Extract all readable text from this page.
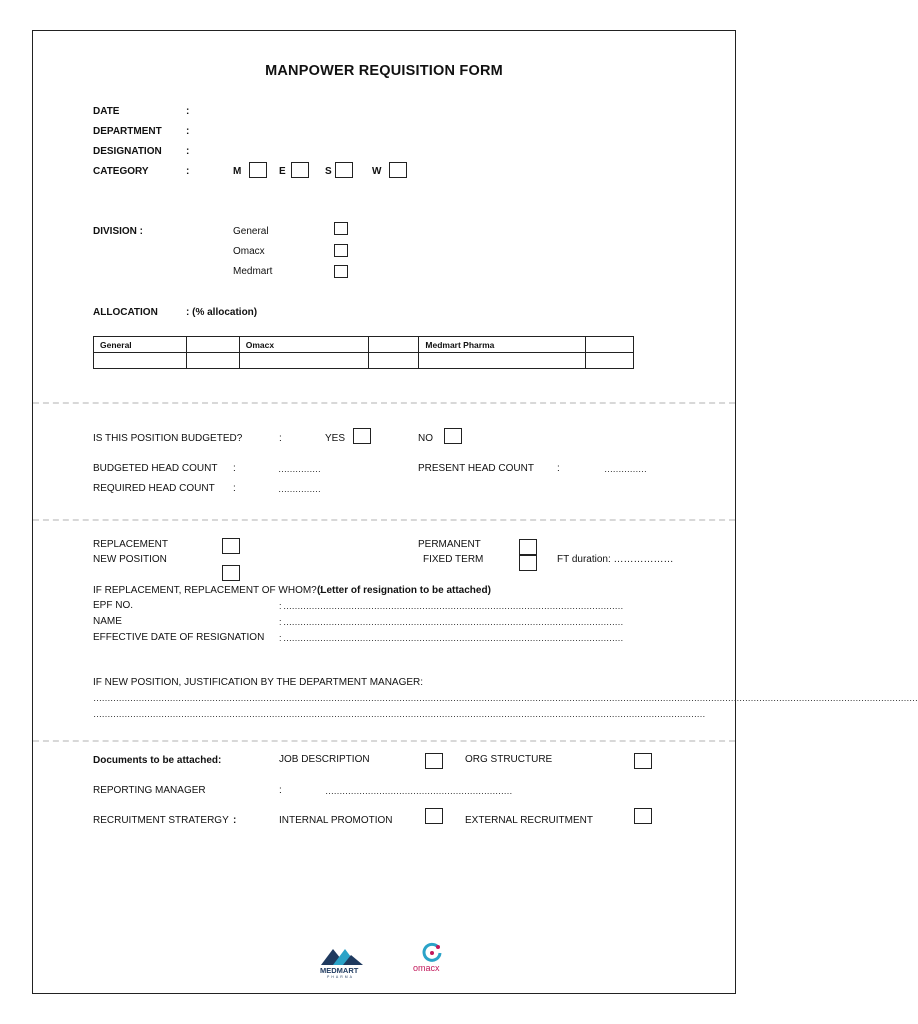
MANPOWER REQUISITION FORM
DATE	:
DEPARTMENT :
DESIGNATION :
CATEGORY	:	M	E	S	W
DIVISION :	General
Omacx
Medmart
ALLOCATION	: (% allocation)
General		Omacx		Medmart Pharma	

IS THIS POSITION BUDGETED?	:	YES	NO
BUDGETED HEAD COUNT :	……………	PRESENT HEAD COUNT :	……………
REQUIRED HEAD COUNT :	……………
REPLACEMENT
NEW POSITION
PERMANENT
FIXED TERM	FT duration: ………………
IF REPLACEMENT, REPLACEMENT OF WHOM? :
(Letter of resignation to be attached)
EPF NO.	: …………………………………………………………………………………………………………
NAME	: …………………………………………………………………………………………………………
EFFECTIVE DATE OF RESIGNATION : …………………………………………………………………………………………………………
IF NEW POSITION, JUSTIFICATION BY THE DEPARTMENT MANAGER:
…………………………………………………………………………………………………………………………………………………………………………………………………………………………………………………………………
………………………………………………………………………………………………………………………………………………………………………………………………
Documents to be attached:	JOB DESCRIPTION	ORG STRUCTURE
REPORTING MANAGER	:	…………………………………………………………
RECRUITMENT STRATERGY :	INTERNAL PROMOTION	EXTERNAL RECRUITMENT
MEDMART
PHARMA
omacx
